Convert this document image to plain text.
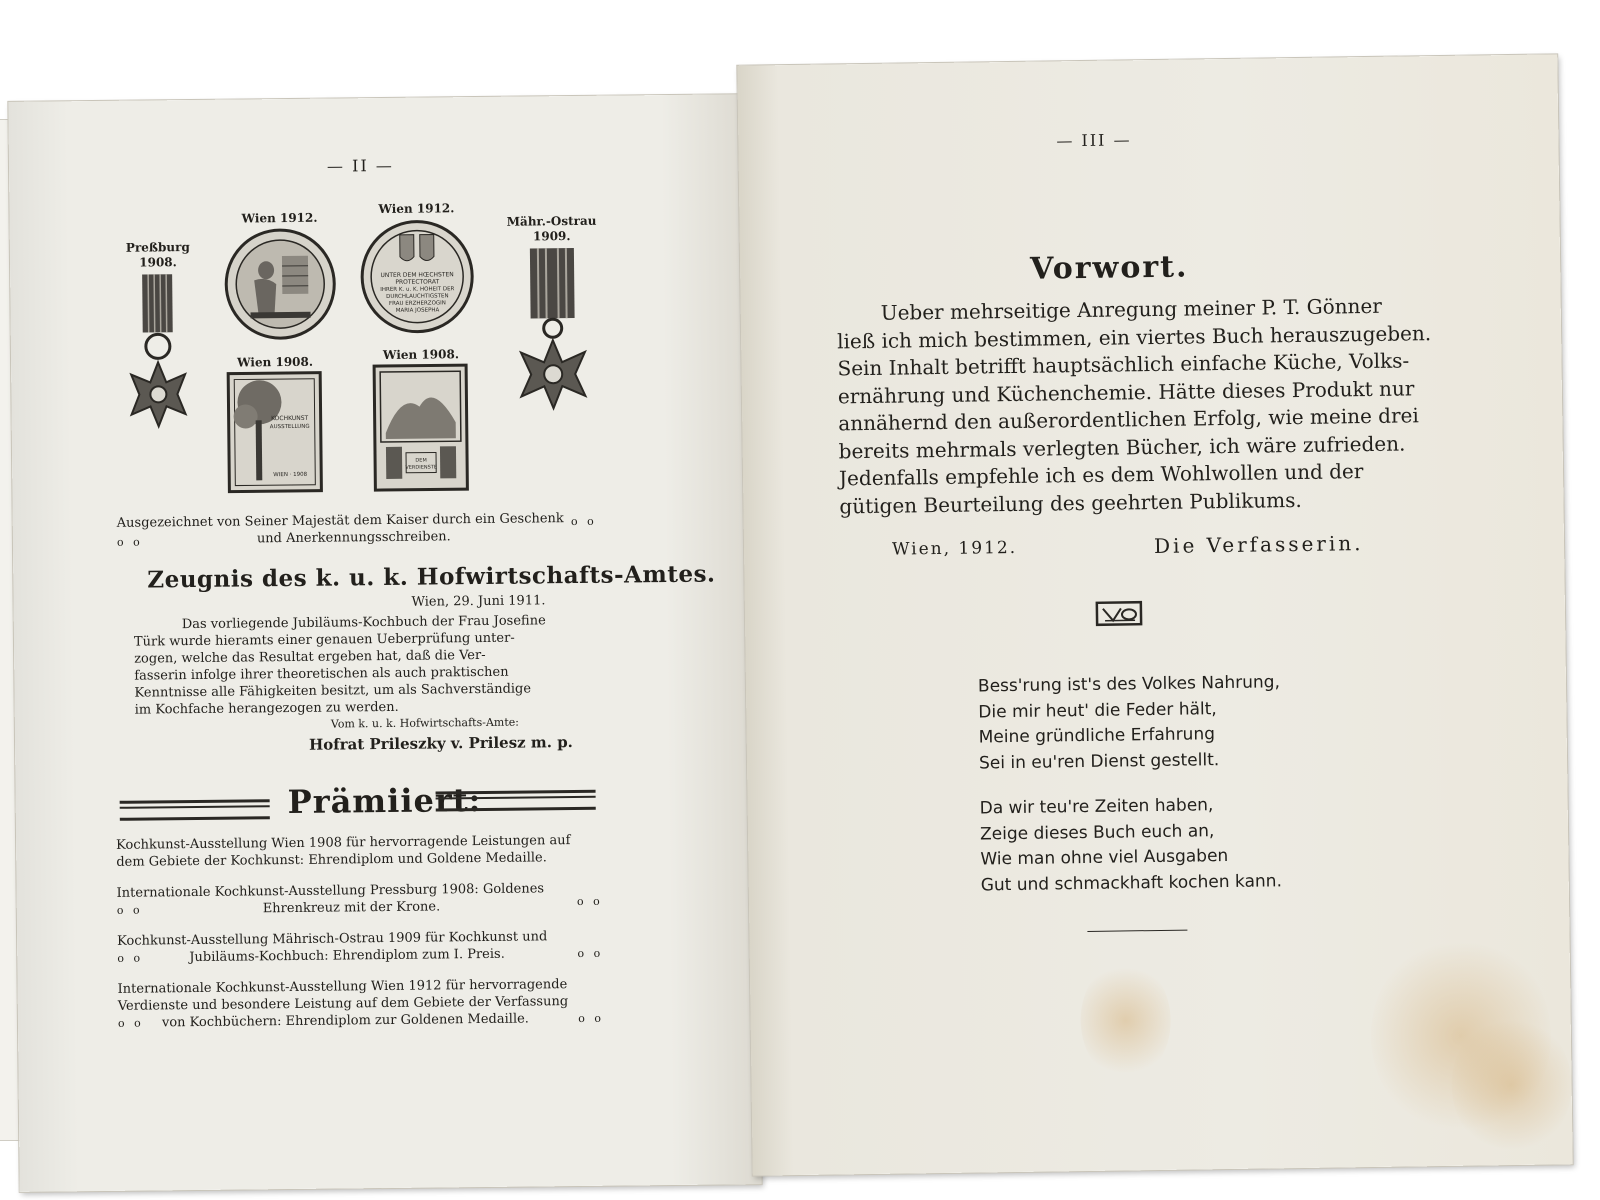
— II —
Preßburg
1908.
Wien 1912.
Wien 1912.
UNTER DEM HŒCHSTEN
PROTECTORAT
IHRER K. u. K. HOHEIT DER
DURCHLAUCHTIGSTEN
FRAU ERZHERZOGIN
MARIA JOSEPHA
Mähr.-Ostrau
1909.
Wien 1908.
KOCHKUNST
AUSSTELLUNG
WIEN · 1908
Wien 1908.
DEM
VERDIENSTE
Ausgezeichnet von Seiner Majestät dem Kaiser durch ein Geschenk
o o	und Anerkennungsschreiben.
o o
Zeugnis des k. u. k. Hofwirtschafts-Amtes.
Wien, 29. Juni 1911.
Das vorliegende Jubiläums-Kochbuch der Frau Josefine
Türk wurde hieramts einer genauen Ueberprüfung unter-
zogen, welche das Resultat ergeben hat, daß die Ver-
fasserin infolge ihrer theoretischen als auch praktischen
Kenntnisse alle Fähigkeiten besitzt, um als Sachverständige
im Kochfache herangezogen zu werden.
Vom k. u. k. Hofwirtschafts-Amte:
Hofrat Prileszky v. Prilesz m. p.
Prämiiert:
Kochkunst-Ausstellung Wien 1908 für hervorragende Leistungen auf
dem Gebiete der Kochkunst: Ehrendiplom und Goldene Medaille.
Internationale Kochkunst-Ausstellung Pressburg 1908: Goldenes
o o	Ehrenkreuz mit der Krone.	o o
Kochkunst-Ausstellung Mährisch-Ostrau 1909 für Kochkunst und
o o	Jubiläums-Kochbuch: Ehrendiplom zum I. Preis.	o o
Internationale Kochkunst-Ausstellung Wien 1912 für hervorragende
Verdienste und besondere Leistung auf dem Gebiete der Verfassung
o o von Kochbüchern: Ehrendiplom zur Goldenen Medaille.	o o
— III —
Vorwort.
Ueber mehrseitige Anregung meiner P. T. Gönner
ließ ich mich bestimmen, ein viertes Buch herauszugeben.
Sein Inhalt betrifft hauptsächlich einfache Küche, Volks-
ernährung und Küchenchemie. Hätte dieses Produkt nur
annähernd den außerordentlichen Erfolg, wie meine drei
bereits mehrmals verlegten Bücher, ich wäre zufrieden.
Jedenfalls empfehle ich es dem Wohlwollen und der
gütigen Beurteilung des geehrten Publikums.
Wien, 1912.	Die Verfasserin.
Bess'rung ist's des Volkes Nahrung,
Die mir heut' die Feder hält,
Meine gründliche Erfahrung
Sei in eu'ren Dienst gestellt.
Da wir teu're Zeiten haben,
Zeige dieses Buch euch an,
Wie man ohne viel Ausgaben
Gut und schmackhaft kochen kann.
